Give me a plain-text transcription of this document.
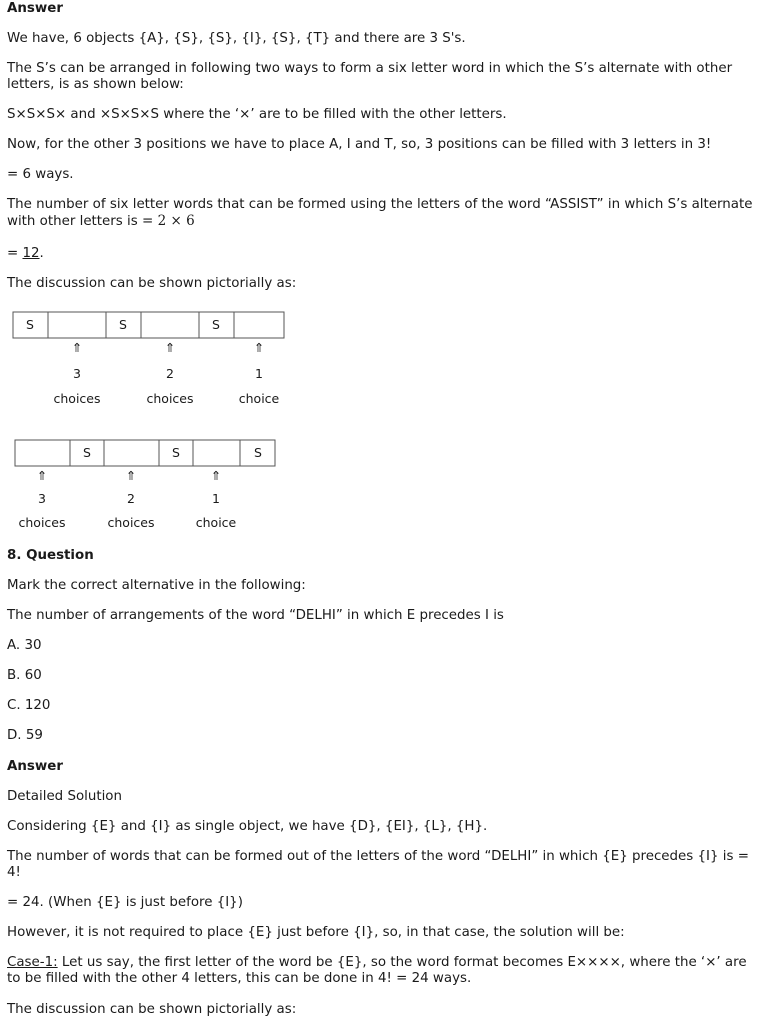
Answer
We have, 6 objects {A}, {S}, {S}, {I}, {S}, {T} and there are 3 S's.
The S’s can be arranged in following two ways to form a six letter word in which the S’s alternate with other letters, is as shown below:
S×S×S× and ×S×S×S where the ‘×’ are to be filled with the other letters.
Now, for the other 3 positions we have to place A, I and T, so, 3 positions can be filled with 3 letters in 3!
= 6 ways.
The number of six letter words that can be formed using the letters of the word “ASSIST” in which S’s alternate with other letters is = 2 × 6
= 12.
The discussion can be shown pictorially as:
S	S	S
⇑	⇑	⇑
3	2	1
choices	choices	choice
S	S	S
⇑	⇑	⇑
3	2	1
choices	choices	choice
8. Question
Mark the correct alternative in the following:
The number of arrangements of the word “DELHI” in which E precedes I is
A. 30
B. 60
C. 120
D. 59
Answer
Detailed Solution
Considering {E} and {I} as single object, we have {D}, {EI}, {L}, {H}.
The number of words that can be formed out of the letters of the word “DELHI” in which {E} precedes {I} is = 4!
= 24. (When {E} is just before {I})
However, it is not required to place {E} just before {I}, so, in that case, the solution will be:
Case-1: Let us say, the first letter of the word be {E}, so the word format becomes E××××, where the ‘×’ are to be filled with the other 4 letters, this can be done in 4! = 24 ways.
The discussion can be shown pictorially as:
